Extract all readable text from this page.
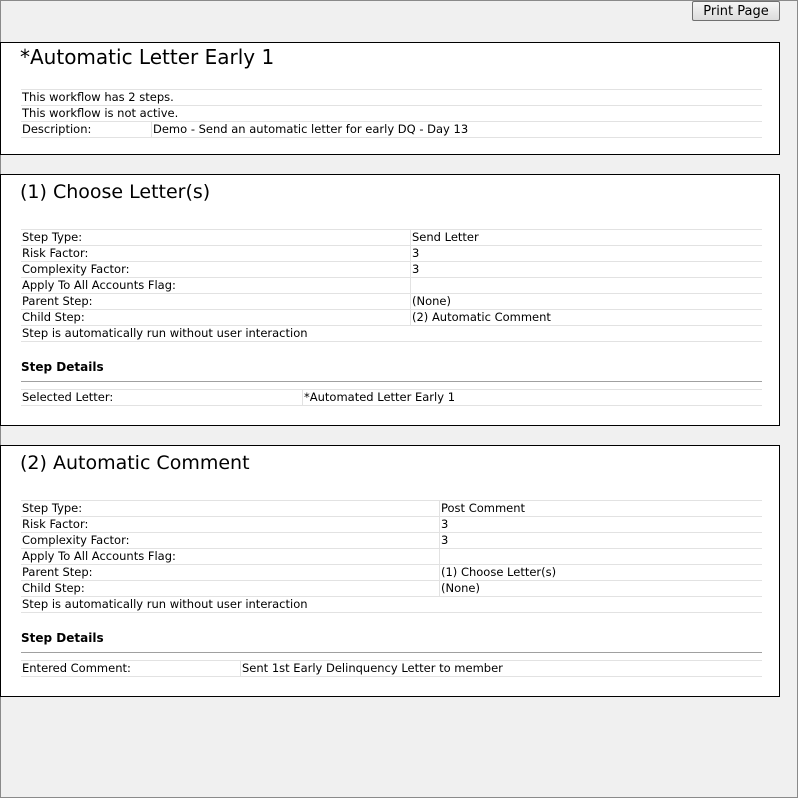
Print Page
*Automatic Letter Early 1
This workflow has 2 steps.
This workflow is not active.
Description:	Demo - Send an automatic letter for early DQ - Day 13
(1) Choose Letter(s)
Step Type:	Send Letter
Risk Factor:	3
Complexity Factor:	3
Apply To All Accounts Flag:
Parent Step:	(None)
Child Step:	(2) Automatic Comment
Step is automatically run without user interaction
Step Details
Selected Letter:	*Automated Letter Early 1
(2) Automatic Comment
Step Type:	Post Comment
Risk Factor:	3
Complexity Factor:	3
Apply To All Accounts Flag:
Parent Step:	(1) Choose Letter(s)
Child Step:	(None)
Step is automatically run without user interaction
Step Details
Entered Comment:	Sent 1st Early Delinquency Letter to member
